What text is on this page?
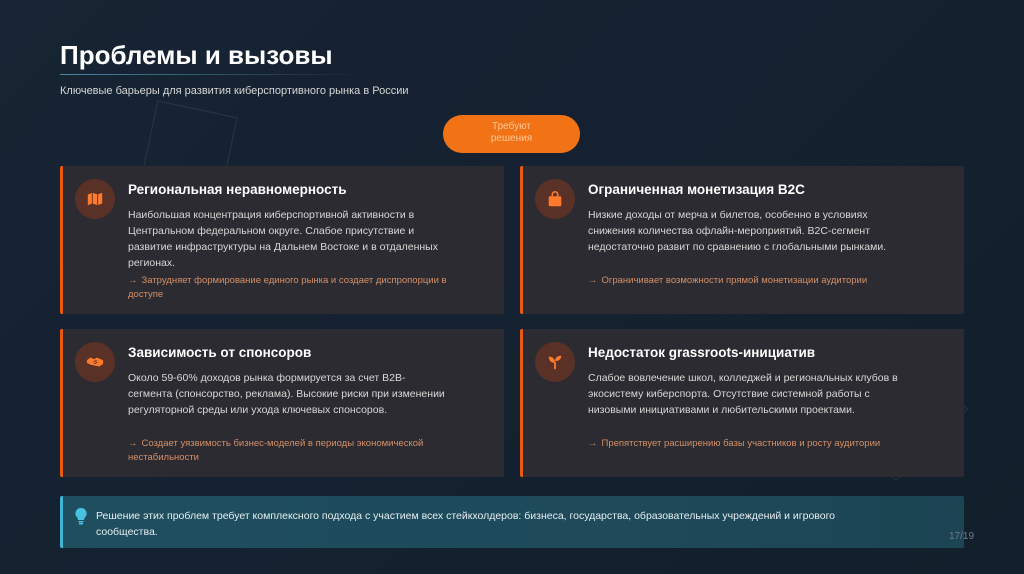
Проблемы и вызовы
Ключевые барьеры для развития киберспортивного рынка в России
Требуют
решения
Региональная неравномерность
Наибольшая концентрация киберспортивной активности в Центральном федеральном округе. Слабое присутствие и развитие инфраструктуры на Дальнем Востоке и в отдаленных регионах.
→ Затрудняет формирование единого рынка и создает диспропорции в доступе
Ограниченная монетизация B2C
Низкие доходы от мерча и билетов, особенно в условиях снижения количества офлайн-мероприятий. B2C-сегмент недостаточно развит по сравнению с глобальными рынками.
→ Ограничивает возможности прямой монетизации аудитории
Зависимость от спонсоров
Около 59-60% доходов рынка формируется за счет B2B-сегмента (спонсорство, реклама). Высокие риски при изменении регуляторной среды или ухода ключевых спонсоров.
→ Создает уязвимость бизнес-моделей в периоды экономической нестабильности
Недостаток grassroots-инициатив
Слабое вовлечение школ, колледжей и региональных клубов в экосистему киберспорта. Отсутствие системной работы с низовыми инициативами и любительскими проектами.
→ Препятствует расширению базы участников и росту аудитории
Решение этих проблем требует комплексного подхода с участием всех стейкхолдеров: бизнеса, государства, образовательных учреждений и игрового сообщества.	17/19
